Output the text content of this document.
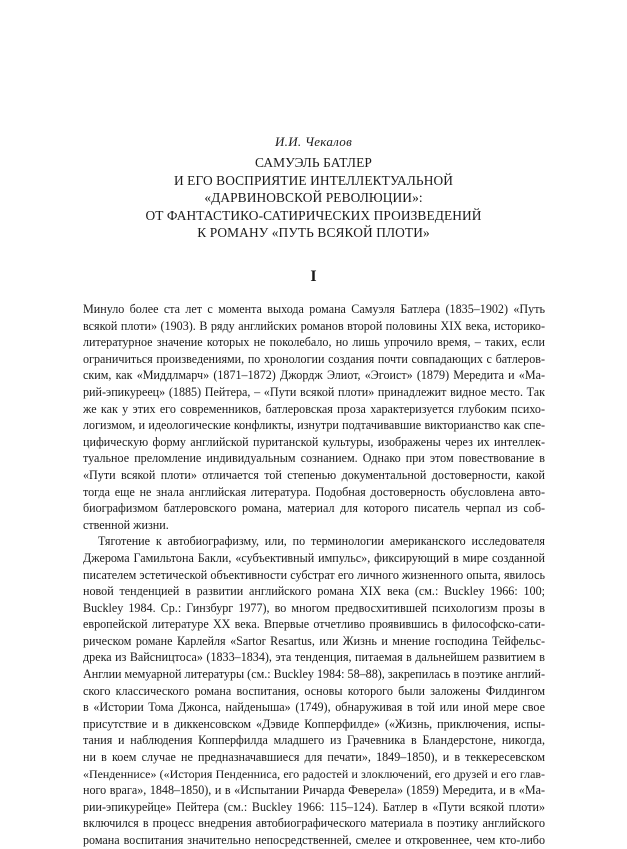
И.И. Чекалов
САМУЭЛЬ БАТЛЕР
И ЕГО ВОСПРИЯТИЕ ИНТЕЛЛЕКТУАЛЬНОЙ
«ДАРВИНОВСКОЙ РЕВОЛЮЦИИ»:
ОТ ФАНТАСТИКО-САТИРИЧЕСКИХ ПРОИЗВЕДЕНИЙ
К РОМАНУ «ПУТЬ ВСЯКОЙ ПЛОТИ»
I
Минуло более ста лет с момента выхода романа Самуэля Батлера (1835–1902) «Путь
всякой плоти» (1903). В ряду английских романов второй половины XIX века, историко-
литературное значение которых не поколебало, но лишь упрочило время, – таких, если
ограничиться произведениями, по хронологии создания почти совпадающих с батлеров-
ским, как «Миддлмарч» (1871–1872) Джордж Элиот, «Эгоист» (1879) Мередита и «Ма-
рий-эпикуреец» (1885) Пейтера, – «Пути всякой плоти» принадлежит видное место. Так
же как у этих его современников, батлеровская проза характеризуется глубоким психо-
логизмом, и идеологические конфликты, изнутри подтачивавшие викторианство как спе-
цифическую форму английской пуританской культуры, изображены через их интеллек-
туальное преломление индивидуальным сознанием. Однако при этом повествование в
«Пути всякой плоти» отличается той степенью документальной достоверности, какой
тогда еще не знала английская литература. Подобная достоверность обусловлена авто-
биографизмом батлеровского романа, материал для которого писатель черпал из соб-
ственной жизни.
Тяготение к автобиографизму, или, по терминологии американского исследователя
Джерома Гамильтона Бакли, «субъективный импульс», фиксирующий в мире созданной
писателем эстетической объективности субстрат его личного жизненного опыта, явилось
новой тенденцией в развитии английского романа XIX века (см.: Buckley 1966: 100;
Buckley 1984. Ср.: Гинзбург 1977), во многом предвосхитившей психологизм прозы в
европейской литературе XX века. Впервые отчетливо проявившись в философско-сати-
рическом романе Карлейля «Sartor Resartus, или Жизнь и мнение господина Тейфельс-
дрека из Вайсництоса» (1833–1834), эта тенденция, питаемая в дальнейшем развитием в
Англии мемуарной литературы (см.: Buckley 1984: 58–88), закрепилась в поэтике англий-
ского классического романа воспитания, основы которого были заложены Филдингом
в «Истории Тома Джонса, найденыша» (1749), обнаруживая в той или иной мере свое
присутствие и в диккенсовском «Дэвиде Копперфилде» («Жизнь, приключения, испы-
тания и наблюдения Копперфилда младшего из Грачевника в Бландерстоне, никогда,
ни в коем случае не предназначавшиеся для печати», 1849–1850), и в теккересевском
«Пенденнисе» («История Пенденниса, его радостей и злоключений, его друзей и его глав-
ного врага», 1848–1850), и в «Испытании Ричарда Феверела» (1859) Мередита, и в «Ма-
рии-эпикурейце» Пейтера (см.: Buckley 1966: 115–124). Батлер в «Пути всякой плоти»
включился в процесс внедрения автобиографического материала в поэтику английского
романа воспитания значительно непосредственней, смелее и откровеннее, чем кто-либо
